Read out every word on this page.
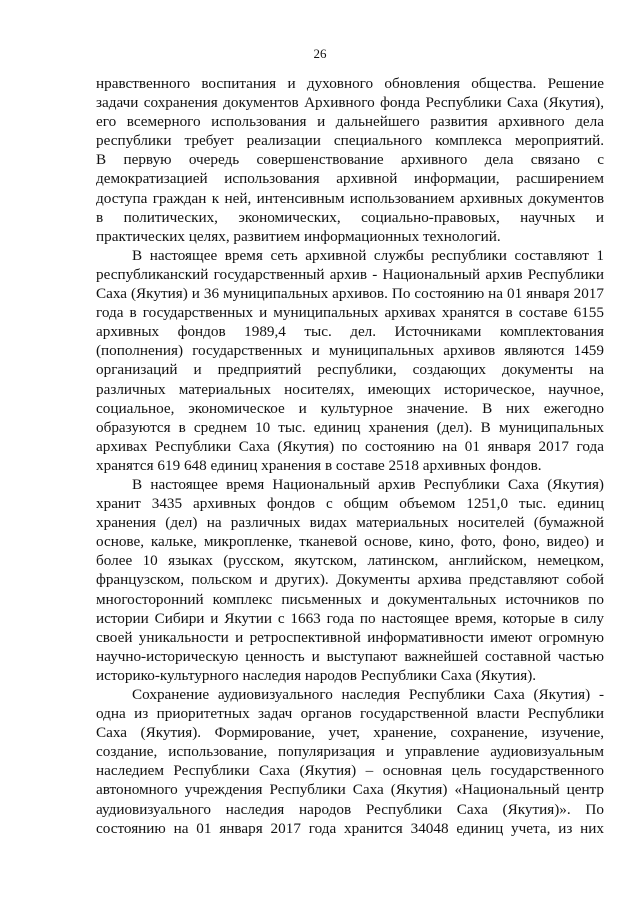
26
нравственного воспитания и духовного обновления общества. Решение
задачи сохранения документов Архивного фонда Республики Саха (Якутия),
его всемерного использования и дальнейшего развития архивного дела
республики требует реализации специального комплекса мероприятий.
В первую очередь совершенствование архивного дела связано с
демократизацией использования архивной информации, расширением
доступа граждан к ней, интенсивным использованием архивных документов
в политических, экономических, социально-правовых, научных и
практических целях, развитием информационных технологий.
В настоящее время сеть архивной службы республики составляют 1
республиканский государственный архив - Национальный архив Республики
Саха (Якутия) и 36 муниципальных архивов. По состоянию на 01 января 2017
года в государственных и муниципальных архивах хранятся в составе 6155
архивных фондов 1989,4 тыс. дел. Источниками комплектования
(пополнения) государственных и муниципальных архивов являются 1459
организаций и предприятий республики, создающих документы на
различных материальных носителях, имеющих историческое, научное,
социальное, экономическое и культурное значение. В них ежегодно
образуются в среднем 10 тыс. единиц хранения (дел). В муниципальных
архивах Республики Саха (Якутия) по состоянию на 01 января 2017 года
хранятся 619 648 единиц хранения в составе 2518 архивных фондов.
В настоящее время Национальный архив Республики Саха (Якутия)
хранит 3435 архивных фондов с общим объемом 1251,0 тыс. единиц
хранения (дел) на различных видах материальных носителей (бумажной
основе, кальке, микропленке, тканевой основе, кино, фото, фоно, видео) и
более 10 языках (русском, якутском, латинском, английском, немецком,
французском, польском и других). Документы архива представляют собой
многосторонний комплекс письменных и документальных источников по
истории Сибири и Якутии с 1663 года по настоящее время, которые в силу
своей уникальности и ретроспективной информативности имеют огромную
научно-историческую ценность и выступают важнейшей составной частью
историко-культурного наследия народов Республики Саха (Якутия).
Сохранение аудиовизуального наследия Республики Саха (Якутия) -
одна из приоритетных задач органов государственной власти Республики
Саха (Якутия). Формирование, учет, хранение, сохранение, изучение,
создание, использование, популяризация и управление аудиовизуальным
наследием Республики Саха (Якутия) – основная цель государственного
автономного учреждения Республики Саха (Якутия) «Национальный центр
аудиовизуального наследия народов Республики Саха (Якутия)». По
состоянию на 01 января 2017 года хранится 34048 единиц учета, из них
